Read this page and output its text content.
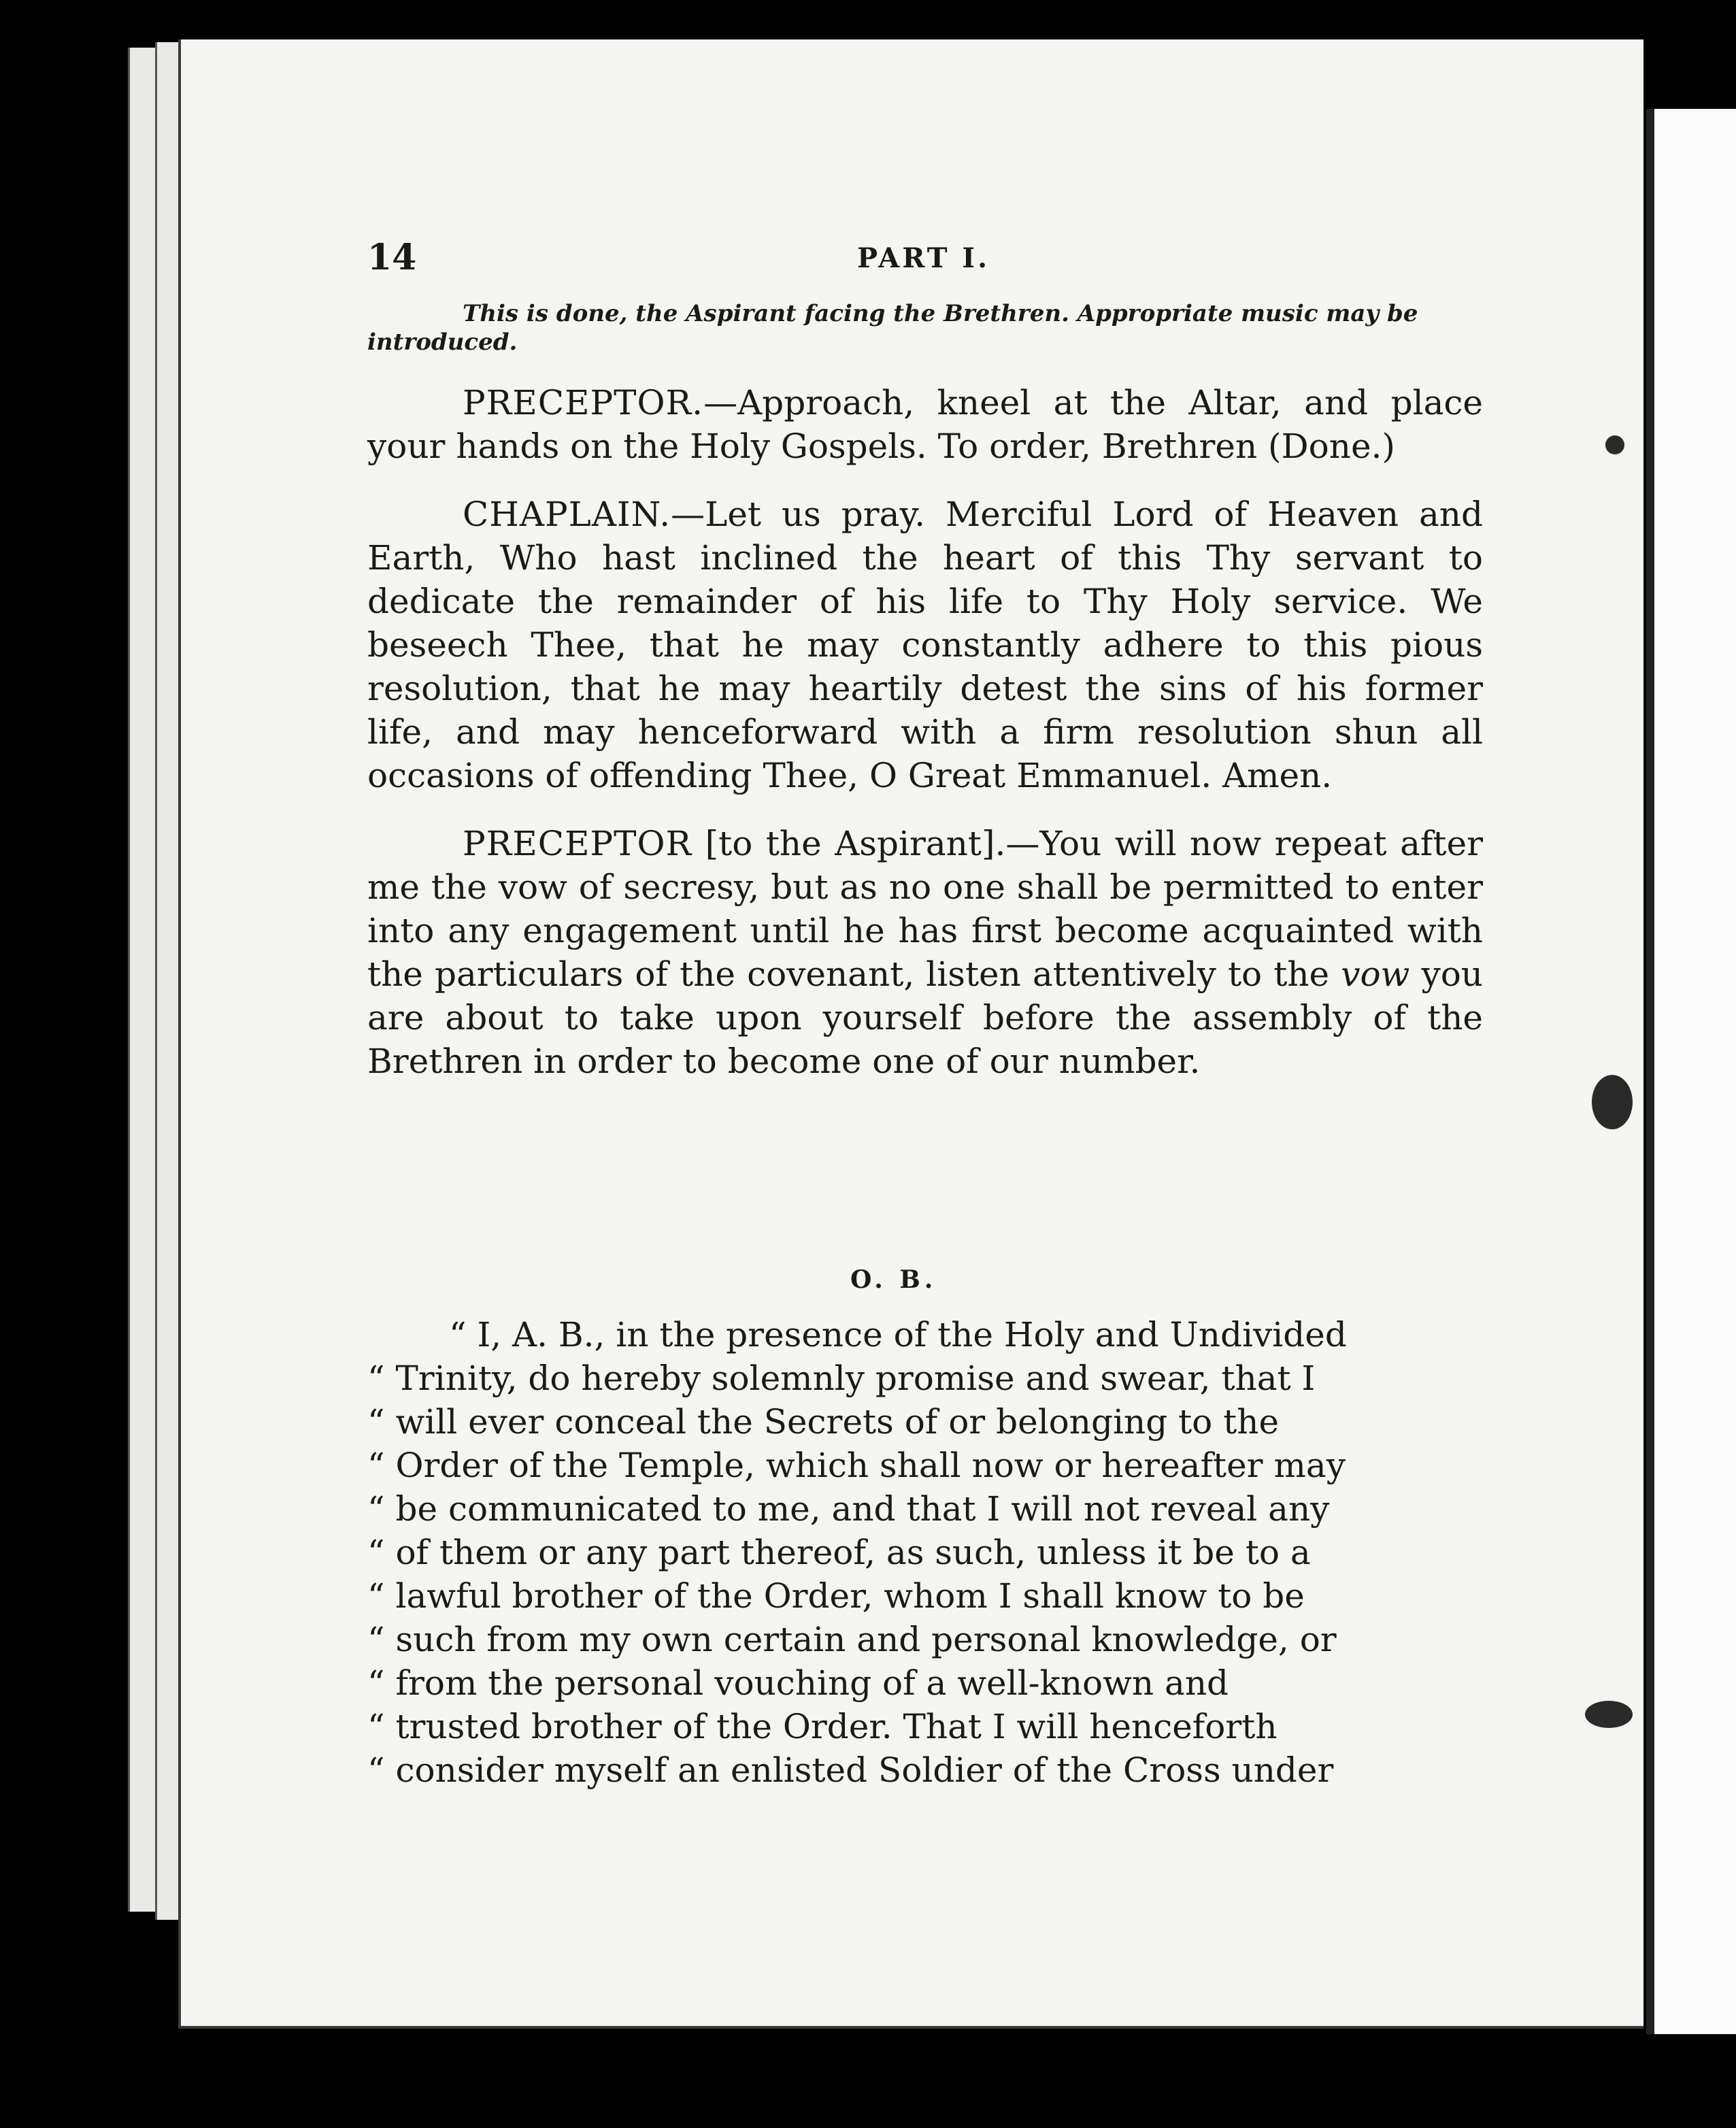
14	PART I.
This is done, the Aspirant facing the Brethren. Appropriate music may be introduced.

PRECEPTOR.—Approach, kneel at the Altar, and place your hands on the Holy Gospels. To order, Brethren (Done.)

CHAPLAIN.—Let us pray. Merciful Lord of Heaven and Earth, Who hast inclined the heart of this Thy servant to dedicate the remainder of his life to Thy Holy service. We beseech Thee, that he may constantly adhere to this pious resolution, that he may heartily detest the sins of his former life, and may henceforward with a firm resolution shun all occasions of offending Thee, O Great Emmanuel. Amen.

PRECEPTOR [to the Aspirant].—You will now repeat after me the vow of secresy, but as no one shall be permitted to enter into any engagement until he has first become acquainted with the particulars of the covenant, listen attentively to the vow you are about to take upon yourself before the assembly of the Brethren in order to become one of our number.

O. B.
“ I, A. B., in the presence of the Holy and Undivided
“ Trinity, do hereby solemnly promise and swear, that I
“ will ever conceal the Secrets of or belonging to the
“ Order of the Temple, which shall now or hereafter may
“ be communicated to me, and that I will not reveal any
“ of them or any part thereof, as such, unless it be to a
“ lawful brother of the Order, whom I shall know to be
“ such from my own certain and personal knowledge, or
“ from the personal vouching of a well-known and
“ trusted brother of the Order. That I will henceforth
“ consider myself an enlisted Soldier of the Cross under
